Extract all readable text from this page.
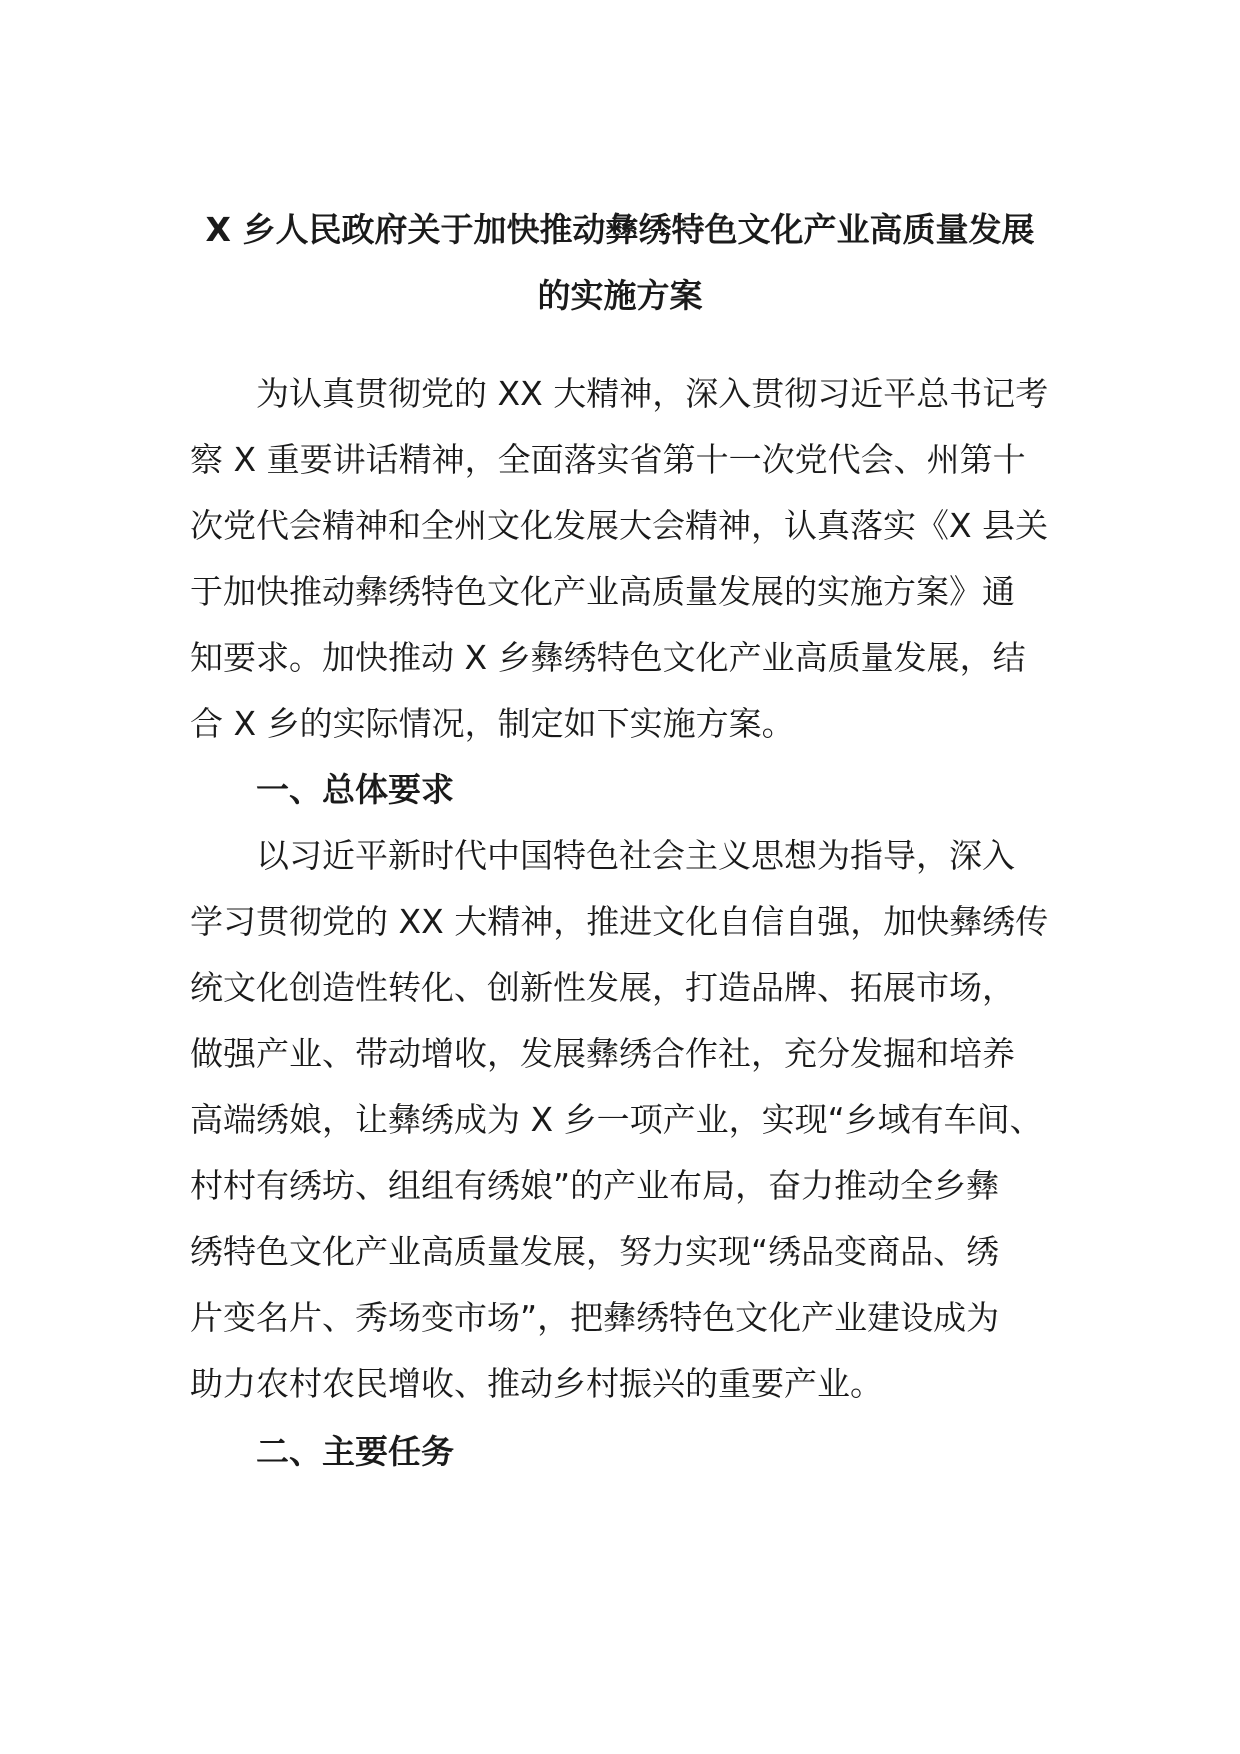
X 乡人民政府关于加快推动彝绣特色文化产业高质量发展
的实施方案
为认真贯彻党的 XX 大精神，深入贯彻习近平总书记考
察 X 重要讲话精神，全面落实省第十一次党代会、州第十
次党代会精神和全州文化发展大会精神，认真落实《X 县关
于加快推动彝绣特色文化产业高质量发展的实施方案》通
知要求。加快推动 X 乡彝绣特色文化产业高质量发展，结
合 X 乡的实际情况，制定如下实施方案。
一、总体要求
以习近平新时代中国特色社会主义思想为指导，深入
学习贯彻党的 XX 大精神，推进文化自信自强，加快彝绣传
统文化创造性转化、创新性发展，打造品牌、拓展市场，
做强产业、带动增收，发展彝绣合作社，充分发掘和培养
高端绣娘，让彝绣成为 X 乡一项产业，实现“乡域有车间、
村村有绣坊、组组有绣娘”的产业布局，奋力推动全乡彝
绣特色文化产业高质量发展，努力实现“绣品变商品、绣
片变名片、秀场变市场”，把彝绣特色文化产业建设成为
助力农村农民增收、推动乡村振兴的重要产业。
二、主要任务
